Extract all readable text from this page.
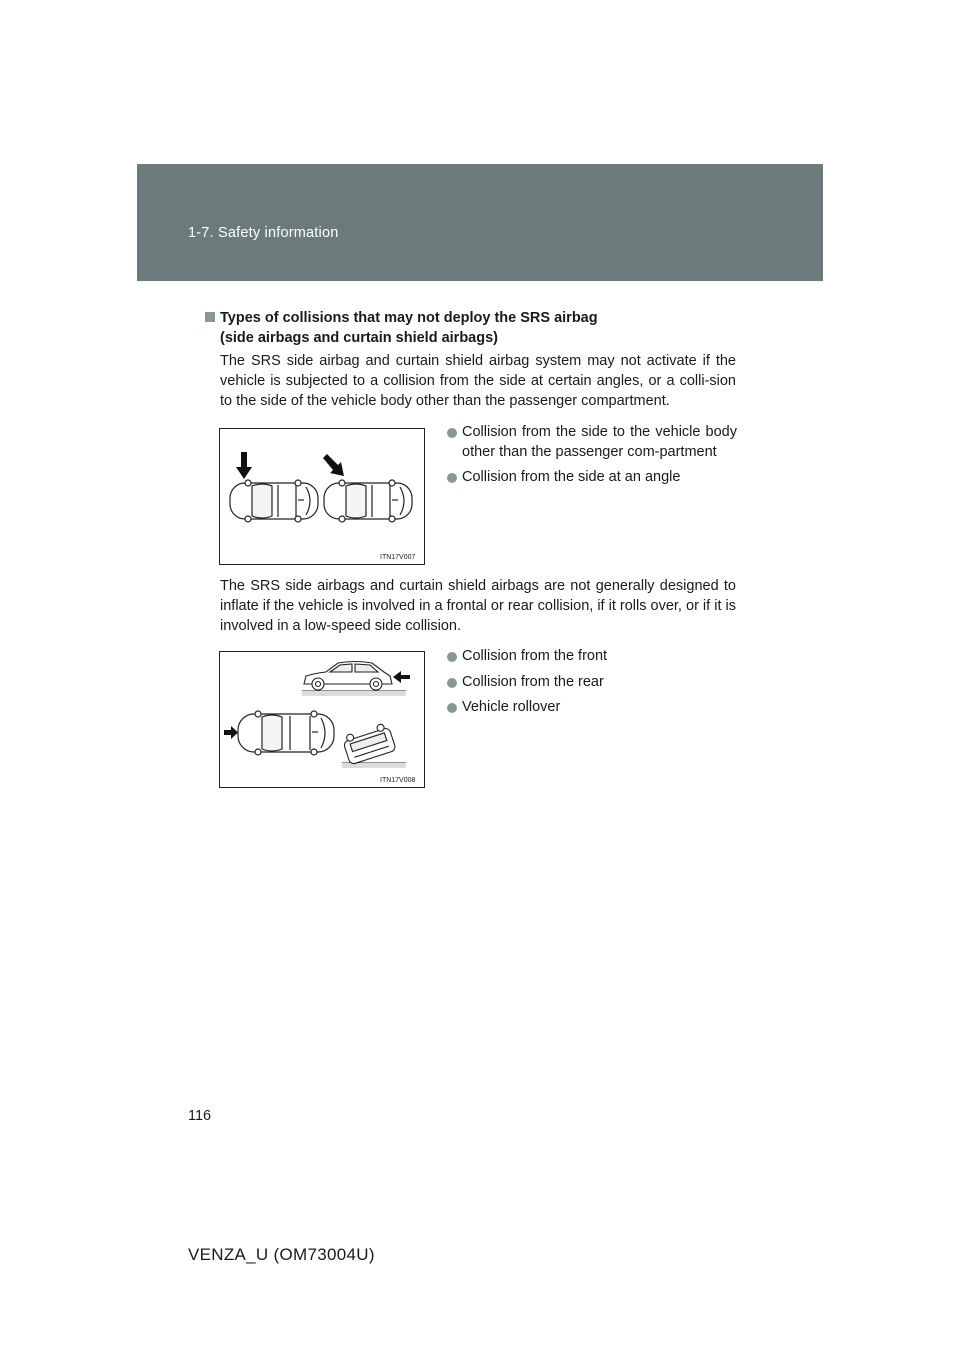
1-7. Safety information
Types of collisions that may not deploy the SRS airbag
(side airbags and curtain shield airbags)
The SRS side airbag and curtain shield airbag system may not activate if the vehicle is subjected to a collision from the side at certain angles, or a colli-sion to the side of the vehicle body other than the passenger compartment.
ITN17V007
Collision from the side to the vehicle body other than the passenger com-partment
Collision from the side at an angle
The SRS side airbags and curtain shield airbags are not generally designed to inflate if the vehicle is involved in a frontal or rear collision, if it rolls over, or if it is involved in a low-speed side collision.
ITN17V008
Collision from the front
Collision from the rear
Vehicle rollover
116
VENZA_U (OM73004U)
